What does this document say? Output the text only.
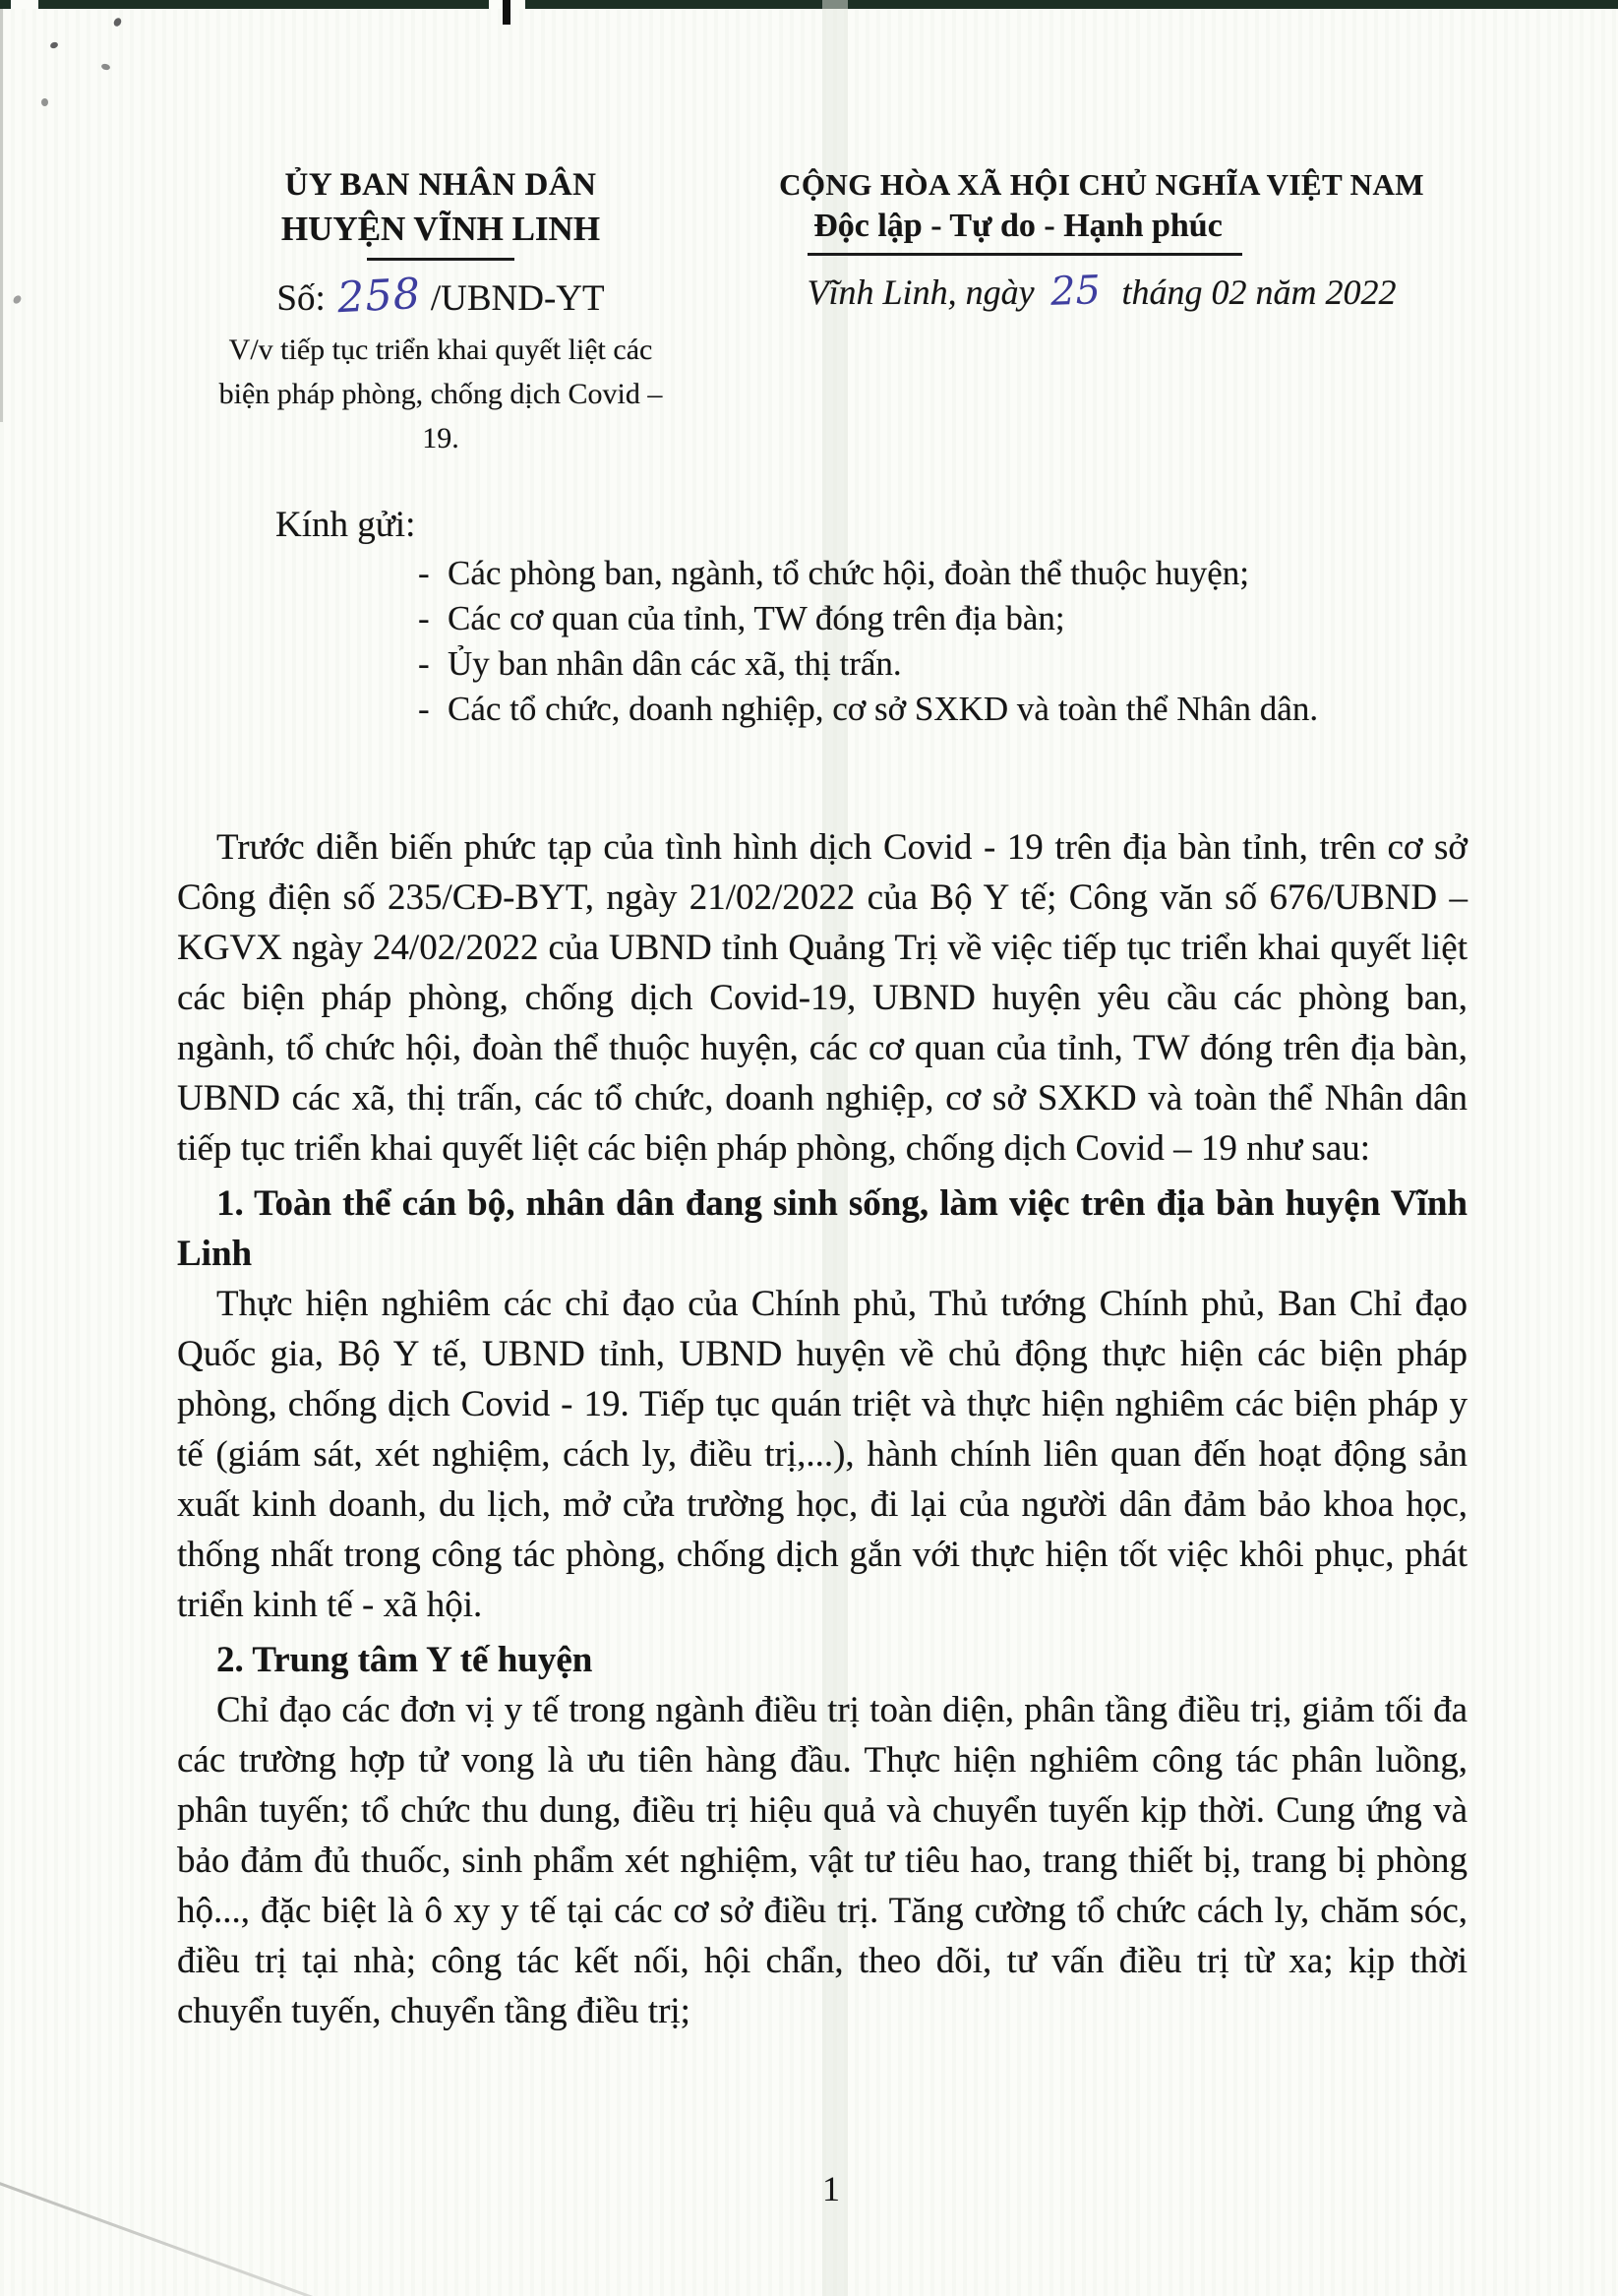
ỦY BAN NHÂN DÂN
HUYỆN VĨNH LINH
Số: 258 /UBND-YT
V/v tiếp tục triển khai quyết liệt các biện pháp phòng, chống dịch Covid – 19.
CỘNG HÒA XÃ HỘI CHỦ NGHĨA VIỆT NAM
Độc lập - Tự do - Hạnh phúc
Vĩnh Linh, ngày 25 tháng 02 năm 2022
Kính gửi:
- Các phòng ban, ngành, tổ chức hội, đoàn thể thuộc huyện;
- Các cơ quan của tỉnh, TW đóng trên địa bàn;
- Ủy ban nhân dân các xã, thị trấn.
- Các tổ chức, doanh nghiệp, cơ sở SXKD và toàn thể Nhân dân.

Trước diễn biến phức tạp của tình hình dịch Covid - 19 trên địa bàn tỉnh, trên cơ sở Công điện số 235/CĐ-BYT, ngày 21/02/2022 của Bộ Y tế; Công văn số 676/UBND – KGVX ngày 24/02/2022 của UBND tỉnh Quảng Trị về việc tiếp tục triển khai quyết liệt các biện pháp phòng, chống dịch Covid-19, UBND huyện yêu cầu các phòng ban, ngành, tổ chức hội, đoàn thể thuộc huyện, các cơ quan của tỉnh, TW đóng trên địa bàn, UBND các xã, thị trấn, các tổ chức, doanh nghiệp, cơ sở SXKD và toàn thể Nhân dân tiếp tục triển khai quyết liệt các biện pháp phòng, chống dịch Covid – 19 như sau:

1. Toàn thể cán bộ, nhân dân đang sinh sống, làm việc trên địa bàn huyện Vĩnh Linh

Thực hiện nghiêm các chỉ đạo của Chính phủ, Thủ tướng Chính phủ, Ban Chỉ đạo Quốc gia, Bộ Y tế, UBND tỉnh, UBND huyện về chủ động thực hiện các biện pháp phòng, chống dịch Covid - 19. Tiếp tục quán triệt và thực hiện nghiêm các biện pháp y tế (giám sát, xét nghiệm, cách ly, điều trị,...), hành chính liên quan đến hoạt động sản xuất kinh doanh, du lịch, mở cửa trường học, đi lại của người dân đảm bảo khoa học, thống nhất trong công tác phòng, chống dịch gắn với thực hiện tốt việc khôi phục, phát triển kinh tế - xã hội.

2. Trung tâm Y tế huyện

Chỉ đạo các đơn vị y tế trong ngành điều trị toàn diện, phân tầng điều trị, giảm tối đa các trường hợp tử vong là ưu tiên hàng đầu. Thực hiện nghiêm công tác phân luồng, phân tuyến; tổ chức thu dung, điều trị hiệu quả và chuyển tuyến kịp thời. Cung ứng và bảo đảm đủ thuốc, sinh phẩm xét nghiệm, vật tư tiêu hao, trang thiết bị, trang bị phòng hộ..., đặc biệt là ô xy y tế tại các cơ sở điều trị. Tăng cường tổ chức cách ly, chăm sóc, điều trị tại nhà; công tác kết nối, hội chẩn, theo dõi, tư vấn điều trị từ xa; kịp thời chuyển tuyến, chuyển tầng điều trị;

1
